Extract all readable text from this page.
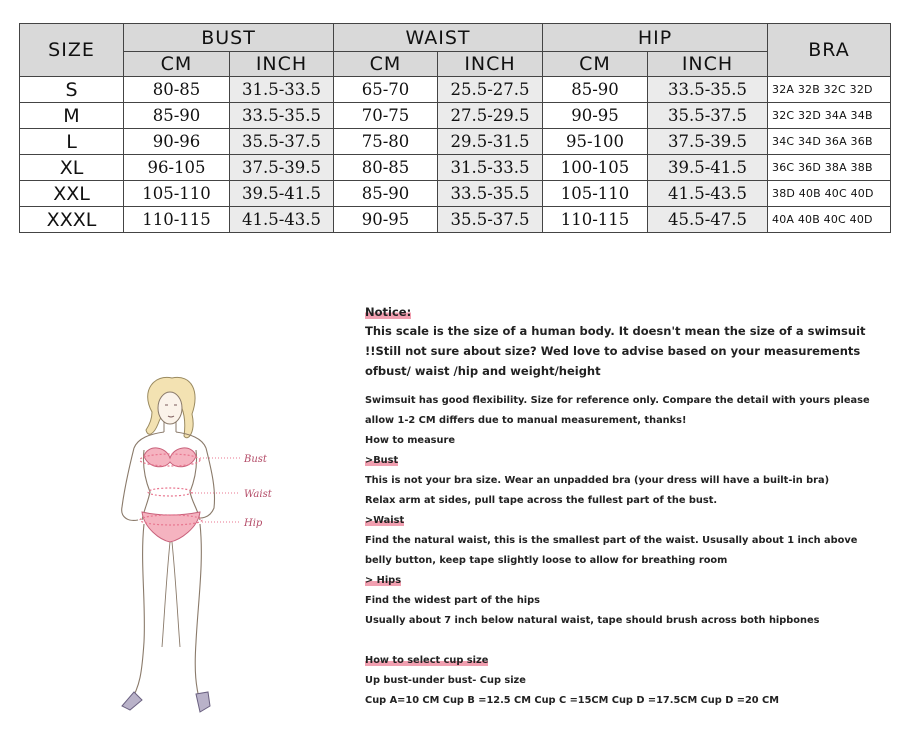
SIZE	BUST		WAIST		HIP		BRA
	CM	INCH	CM	INCH	CM	INCH	
S	80-85	31.5-33.5	65-70	25.5-27.5	85-90	33.5-35.5	32A 32B 32C 32D
M	85-90	33.5-35.5	70-75	27.5-29.5	90-95	35.5-37.5	32C 32D 34A 34B
L	90-96	35.5-37.5	75-80	29.5-31.5	95-100	37.5-39.5	34C 34D 36A 36B
XL	96-105	37.5-39.5	80-85	31.5-33.5	100-105	39.5-41.5	36C 36D 38A 38B
XXL	105-110	39.5-41.5	85-90	33.5-35.5	105-110	41.5-43.5	38D 40B 40C 40D
XXXL	110-115	41.5-43.5	90-95	35.5-37.5	110-115	45.5-47.5	40A 40B 40C 40D
Bust
Waist
Hip
Notice:
This scale is the size of a human body. It doesn't mean the size of a swimsuit !!Still not sure about size? Wed love to advise based on your measurements ofbust/ waist /hip and weight/height
Swimsuit has good flexibility. Size for reference only. Compare the detail with yours please
allow 1-2 CM differs due to manual measurement, thanks!
How to measure
>Bust
This is not your bra size. Wear an unpadded bra (your dress will have a built-in bra)
Relax arm at sides, pull tape across the fullest part of the bust.
>Waist
Find the natural waist, this is the smallest part of the waist. Ususally about 1 inch above
belly button, keep tape slightly loose to allow for breathing room
> Hips
Find the widest part of the hips
Usually about 7 inch below natural waist, tape should brush across both hipbones
How to select cup size
Up bust-under bust- Cup size
Cup A=10 CM Cup B =12.5 CM Cup C =15CM Cup D =17.5CM Cup D =20 CM
